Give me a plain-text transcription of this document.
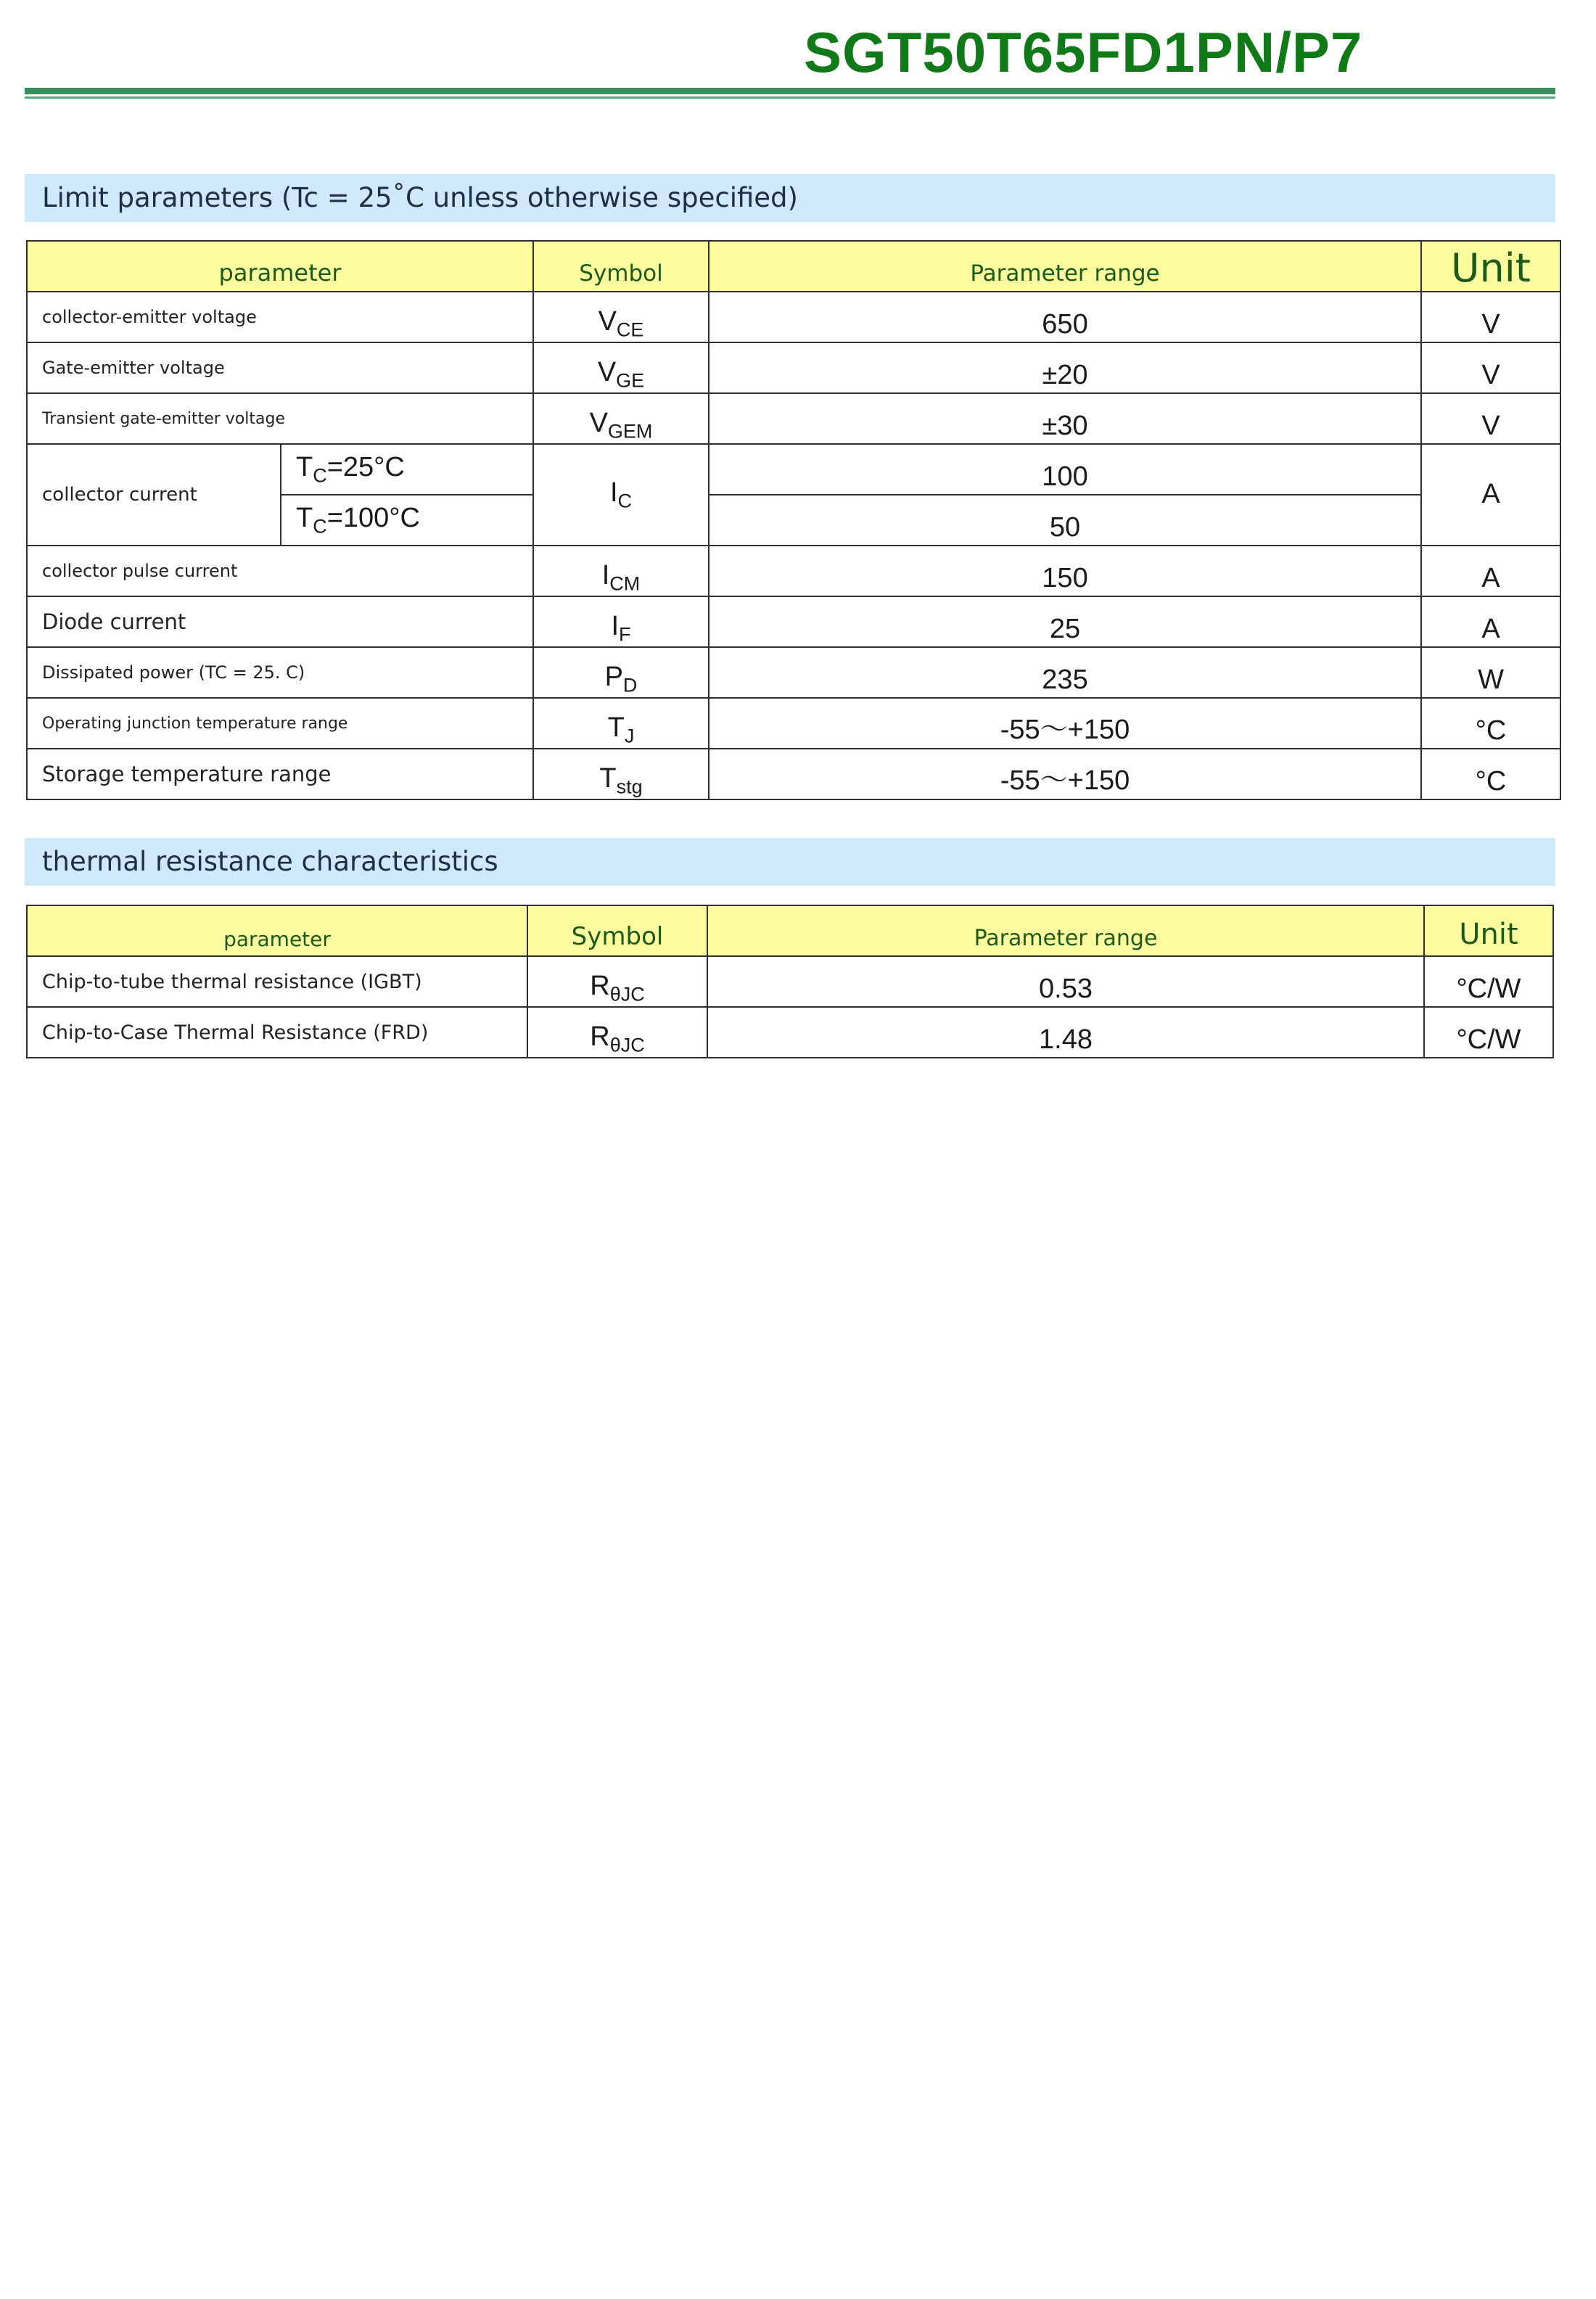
SGT50T65FD1PN/P7
Limit parameters (Tc = 25˚C unless otherwise specified)
parameter		Symbol	Parameter range	Unit
collector-emitter voltage		$V_{CE}$	650	V
Gate-emitter voltage		$V_{GE}$	±20	V
Transient gate-emitter voltage		$V_{GEM}$	±30	V
collector current	$T_C=25^\circ C$	$I_C$	100	A
	$T_C=100^\circ C$		50	
collector pulse current		$I_{CM}$	150	A
Diode current		$I_F$	25	A
Dissipated power (TC = 25. C)		$P_D$	235	W
Operating junction temperature range		$T_J$	-55～+150	°C
Storage temperature range		$T_{stg}$	-55～+150	°C
thermal resistance characteristics
parameter	Symbol	Parameter range	Unit
Chip-to-tube thermal resistance (IGBT)	$R_{\theta JC}$	0.53	°C/W
Chip-to-Case Thermal Resistance (FRD)	$R_{\theta JC}$	1.48	°C/W
